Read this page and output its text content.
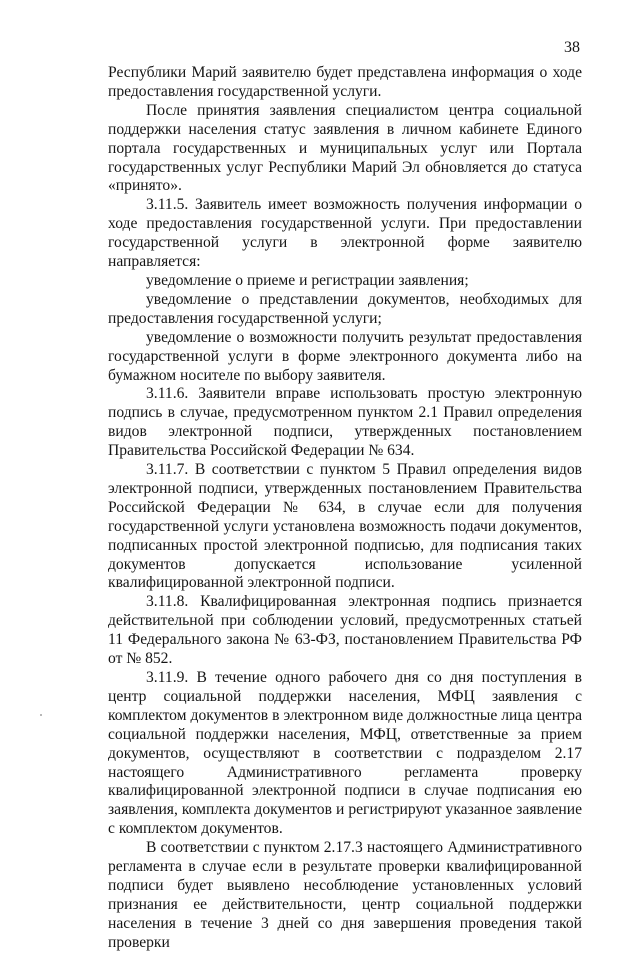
38

Республики Марий заявителю будет представлена информация о ходе предоставления государственной услуги.

После принятия заявления специалистом центра социальной поддержки населения статус заявления в личном кабинете Единого портала государственных и муниципальных услуг или Портала государственных услуг Республики Марий Эл обновляется до статуса «принято».

3.11.5. Заявитель имеет возможность получения информации о ходе предоставления государственной услуги. При предоставлении государственной услуги в электронной форме заявителю направляется:

уведомление о приеме и регистрации заявления;

уведомление о представлении документов, необходимых для предоставления государственной услуги;

уведомление о возможности получить результат предоставления государственной услуги в форме электронного документа либо на бумажном носителе по выбору заявителя.

3.11.6. Заявители вправе использовать простую электронную подпись в случае, предусмотренном пунктом 2.1 Правил определения видов электронной подписи, утвержденных постановлением Правительства Российской Федерации № 634.

3.11.7. В соответствии с пунктом 5 Правил определения видов электронной подписи, утвержденных постановлением Правительства Российской Федерации № 634, в случае если для получения государственной услуги установлена возможность подачи документов, подписанных простой электронной подписью, для подписания таких документов допускается использование усиленной квалифицированной электронной подписи.

3.11.8. Квалифицированная электронная подпись признается действительной при соблюдении условий, предусмотренных статьей 11 Федерального закона № 63-ФЗ, постановлением Правительства РФ от № 852.

3.11.9. В течение одного рабочего дня со дня поступления в центр социальной поддержки населения, МФЦ заявления с комплектом документов в электронном виде должностные лица центра социальной поддержки населения, МФЦ, ответственные за прием документов, осуществляют в соответствии с подразделом 2.17 настоящего Административного регламента проверку квалифицированной электронной подписи в случае подписания ею заявления, комплекта документов и регистрируют указанное заявление с комплектом документов.

В соответствии с пунктом 2.17.3 настоящего Административного регламента в случае если в результате проверки квалифицированной подписи будет выявлено несоблюдение установленных условий признания ее действительности, центр социальной поддержки населения в течение 3 дней со дня завершения проведения такой проверки
